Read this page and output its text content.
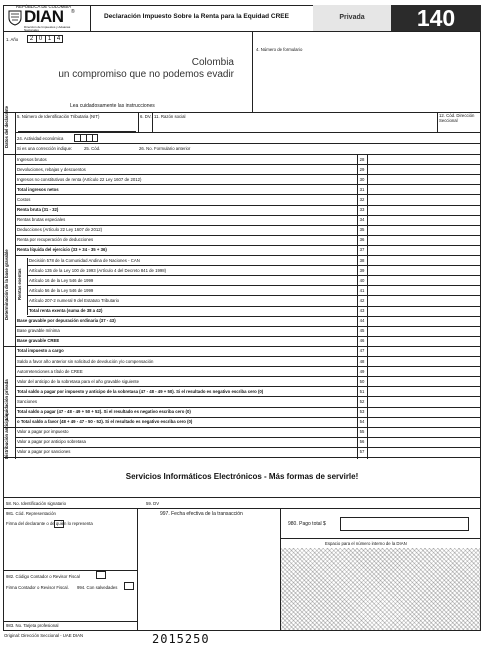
REPÚBLICA DE COLOMBIA
DIAN ®
Dirección de Impuestos y Aduanas Nacionales
Declaración Impuesto Sobre la Renta para la Equidad CREE	Privada	140
1. Año	2 0 1 4
4. Número de formulario
Colombia
un compromiso que no podemos evadir
Lea cuidadosamente las instrucciones
Datos del declarante 5. Número de Identificación Tributaria (NIT)	6. DV. 11. Razón social	12. Cód. Dirección Seccional
24. Actividad económica
Si es una corrección indique:	25. Cód.	26. No. Formulario anterior
Ingresos brutos	28
Devoluciones, rebajas y descuentos	29
Ingresos no constitutivos de renta (Artículo 22 Ley 1607 de 2012)	30
Total ingresos netos	31
Costos	32
Renta bruta (31 - 32)	33
Rentas brutas especiales	34
Deducciones (Artículo 22 Ley 1607 de 2012)	35
Renta por recuperación de deducciones	36
Renta líquida del ejercicio (33 + 34 - 35 + 36)	37
Decisión 578 de la Comunidad Andina de Naciones - CAN	38
Artículo 135 de la Ley 100 de 1993 (Artículo 4 del Decreto 841 de 1998)	39
Artículo 16 de la Ley 546 de 1999	40
Artículo 56 de la Ley 546 de 1999	41
Artículo 207-2 numeral 9 del Estatuto Tributario	42
Total renta exenta (suma de 38 a 42)	43
Base gravable por depuración ordinaria (37 - 43)	44
Base gravable mínima	45
Base gravable CREE	46
Total impuesto a cargo	47
Saldo a favor año anterior sin solicitud de devolución y/o compensación	48
Autorretenciones a título de CREE	49
Valor del anticipo de la sobretasa para el año gravable siguiente	50
Total saldo a pagar por impuesto y anticipo de la sobretasa (47 - 48 - 49 + 50). Si el resultado es negativo escriba cero (0)	51
Sanciones	52
Total saldo a pagar (47 - 48 - 49 + 50 + 52). Si el resultado es negativo escriba cero (0)	53
o Total saldo a favor (48 + 49 - 47 - 50 - 52). Si el resultado es negativo escriba cero (0)	54
Valor a pagar por impuesto	55
Valor a pagar por anticipo sobretasa	56
Valor a pagar por sanciones	57
Determinación de la base gravable Rentas exentas
Liquidación privada
Distribución anticipos
Servicios Informáticos Electrónicos - Más formas de servirle!
58. No. Identificación signatario	59. DV
981. Cód. Representación
Firma del declarante o de quien lo representa
997. Fecha efectiva de la transacción
980. Pago total $
Espacio para el número interno de la DIAN
982. Código Contador o Revisor Fiscal
Firma Contador o Revisor Fiscal. 994. Con salvedades
983. No. Tarjeta profesional
Original: Dirección Seccional - UAE DIAN	2015250
